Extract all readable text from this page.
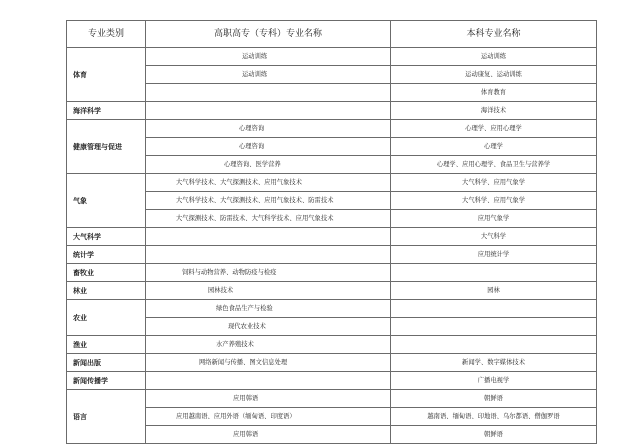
专业类别	高职高专（专科）专业名称	本科专业名称
体育	运动训练	运动训练
	运动训练	运动康复、运动训练
		体育教育
海洋科学		海洋技术
健康管理与促进	心理咨询	心理学、应用心理学
	心理咨询	心理学
	心理咨询、医学营养	心理学、应用心理学、食品卫生与营养学
气象	大气科学技术、大气探测技术、应用气象技术	大气科学、应用气象学
	大气科学技术、大气探测技术、应用气象技术、防雷技术	大气科学、应用气象学
	大气探测技术、防雷技术、大气科学技术、应用气象技术	应用气象学
大气科学		大气科学
统计学		应用统计学
畜牧业	饲料与动物营养、动物防疫与检疫	
林业	园林技术	园林
农业	绿色食品生产与检验	
	现代农业技术	
渔业	水产养殖技术	
新闻出版	网络新闻与传播、图文信息处理	新闻学、数字媒体技术
新闻传播学		广播电视学
语言	应用韩语	朝鲜语
	应用越南语、应用外语（缅甸语、印度语）	越南语、缅甸语、印地语、乌尔都语、僧伽罗语
	应用韩语	朝鲜语
